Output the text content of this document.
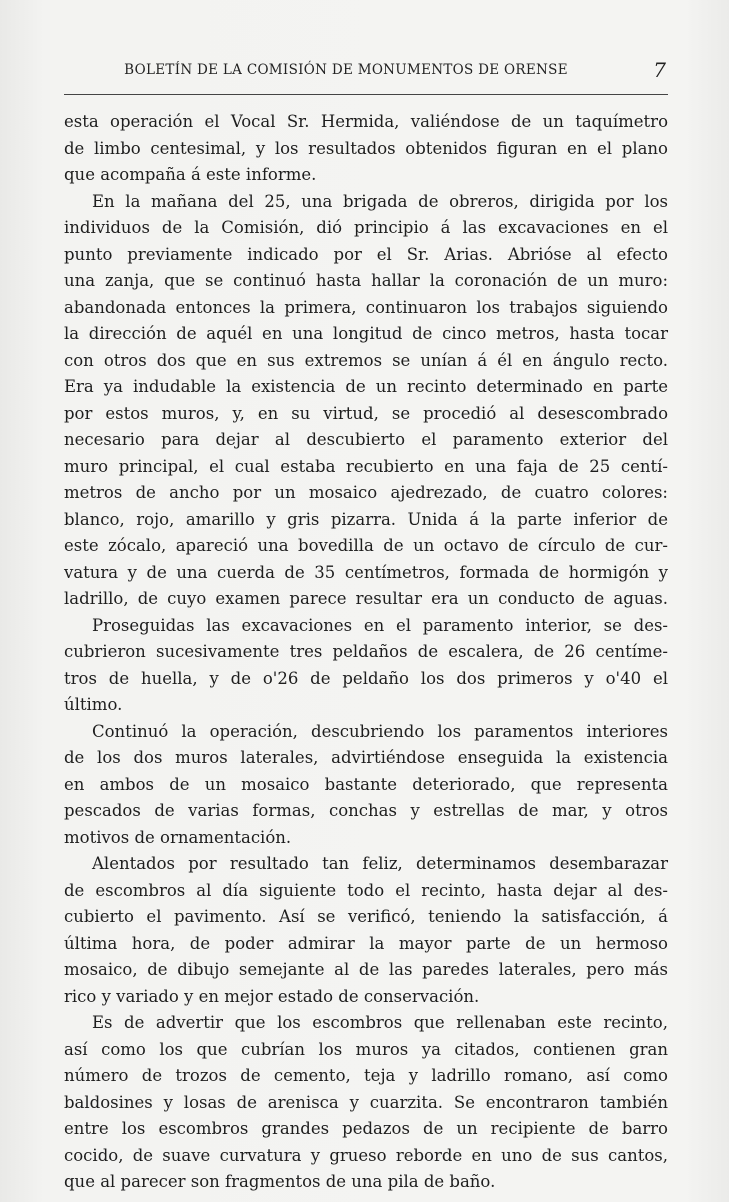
BOLETÍN DE LA COMISIÓN DE MONUMENTOS DE ORENSE	7
esta operación el Vocal Sr. Hermida, valiéndose de un taquímetro
de limbo centesimal, y los resultados obtenidos figuran en el plano
que acompaña á este informe.
En la mañana del 25, una brigada de obreros, dirigida por los
individuos de la Comisión, dió principio á las excavaciones en el
punto previamente indicado por el Sr. Arias. Abrióse al efecto
una zanja, que se continuó hasta hallar la coronación de un muro:
abandonada entonces la primera, continuaron los trabajos siguiendo
la dirección de aquél en una longitud de cinco metros, hasta tocar
con otros dos que en sus extremos se unían á él en ángulo recto.
Era ya indudable la existencia de un recinto determinado en parte
por estos muros, y, en su virtud, se procedió al desescombrado
necesario para dejar al descubierto el paramento exterior del
muro principal, el cual estaba recubierto en una faja de 25 centí-
metros de ancho por un mosaico ajedrezado, de cuatro colores:
blanco, rojo, amarillo y gris pizarra. Unida á la parte inferior de
este zócalo, apareció una bovedilla de un octavo de círculo de cur-
vatura y de una cuerda de 35 centímetros, formada de hormigón y
ladrillo, de cuyo examen parece resultar era un conducto de aguas.
Proseguidas las excavaciones en el paramento interior, se des-
cubrieron sucesivamente tres peldaños de escalera, de 26 centíme-
tros de huella, y de o'26 de peldaño los dos primeros y o'40 el
último.
Continuó la operación, descubriendo los paramentos interiores
de los dos muros laterales, advirtiéndose enseguida la existencia
en ambos de un mosaico bastante deteriorado, que representa
pescados de varias formas, conchas y estrellas de mar, y otros
motivos de ornamentación.
Alentados por resultado tan feliz, determinamos desembarazar
de escombros al día siguiente todo el recinto, hasta dejar al des-
cubierto el pavimento. Así se verificó, teniendo la satisfacción, á
última hora, de poder admirar la mayor parte de un hermoso
mosaico, de dibujo semejante al de las paredes laterales, pero más
rico y variado y en mejor estado de conservación.
Es de advertir que los escombros que rellenaban este recinto,
así como los que cubrían los muros ya citados, contienen gran
número de trozos de cemento, teja y ladrillo romano, así como
baldosines y losas de arenisca y cuarzita. Se encontraron también
entre los escombros grandes pedazos de un recipiente de barro
cocido, de suave curvatura y grueso reborde en uno de sus cantos,
que al parecer son fragmentos de una pila de baño.
